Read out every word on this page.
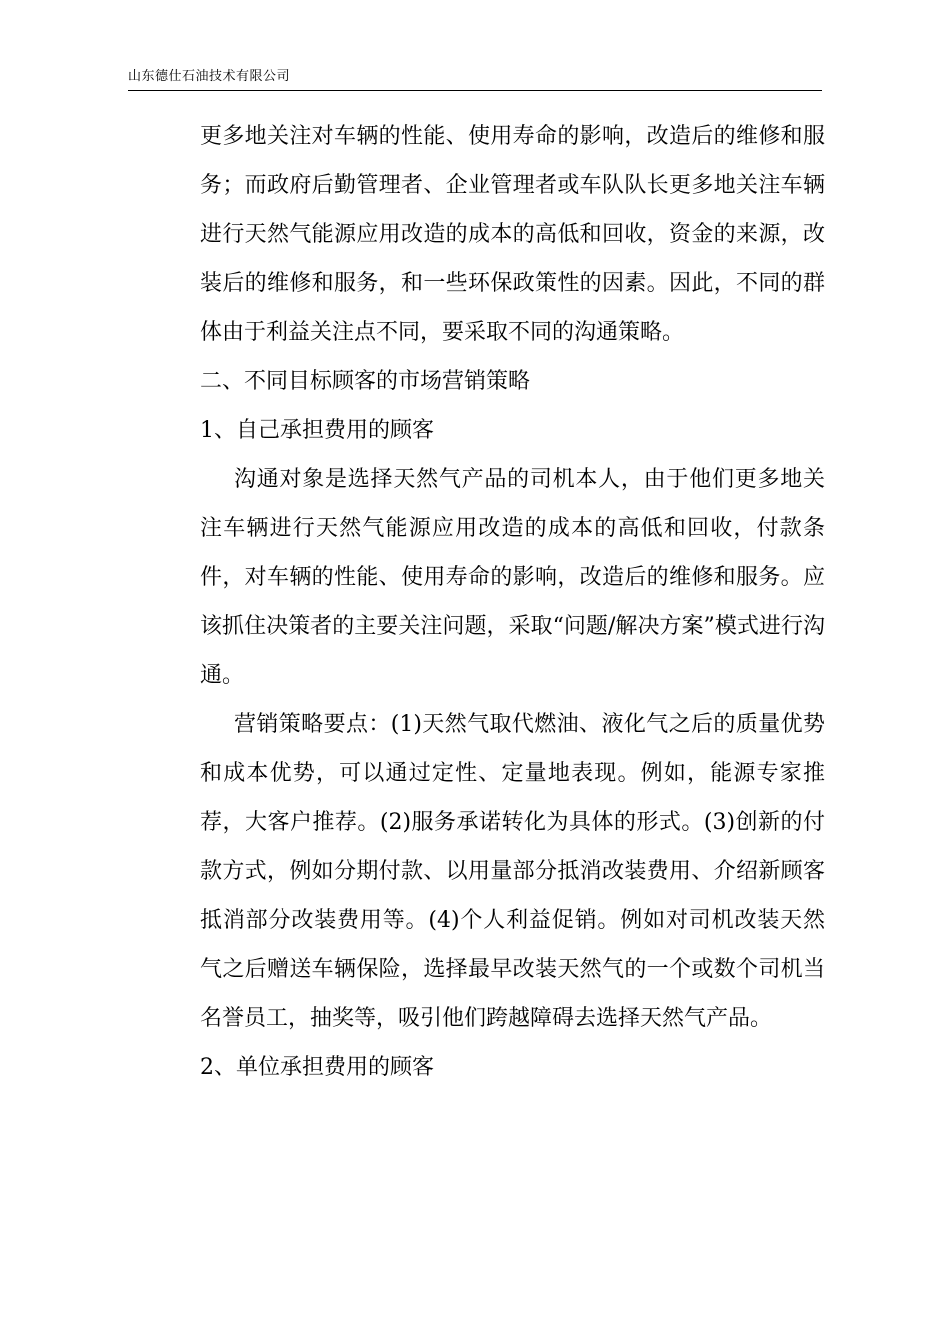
山东德仕石油技术有限公司

更多地关注对车辆的性能、使用寿命的影响，改造后的维修和服务；而政府后勤管理者、企业管理者或车队队长更多地关注车辆进行天然气能源应用改造的成本的高低和回收，资金的来源，改装后的维修和服务，和一些环保政策性的因素。因此，不同的群体由于利益关注点不同，要采取不同的沟通策略。

二、不同目标顾客的市场营销策略

1、自己承担费用的顾客

沟通对象是选择天然气产品的司机本人，由于他们更多地关注车辆进行天然气能源应用改造的成本的高低和回收，付款条件，对车辆的性能、使用寿命的影响，改造后的维修和服务。应该抓住决策者的主要关注问题，采取“问题/解决方案”模式进行沟通。

营销策略要点：(1)天然气取代燃油、液化气之后的质量优势和成本优势，可以通过定性、定量地表现。例如，能源专家推荐，大客户推荐。(2)服务承诺转化为具体的形式。(3)创新的付款方式，例如分期付款、以用量部分抵消改装费用、介绍新顾客抵消部分改装费用等。(4)个人利益促销。例如对司机改装天然气之后赠送车辆保险，选择最早改装天然气的一个或数个司机当名誉员工，抽奖等，吸引他们跨越障碍去选择天然气产品。

2、单位承担费用的顾客
